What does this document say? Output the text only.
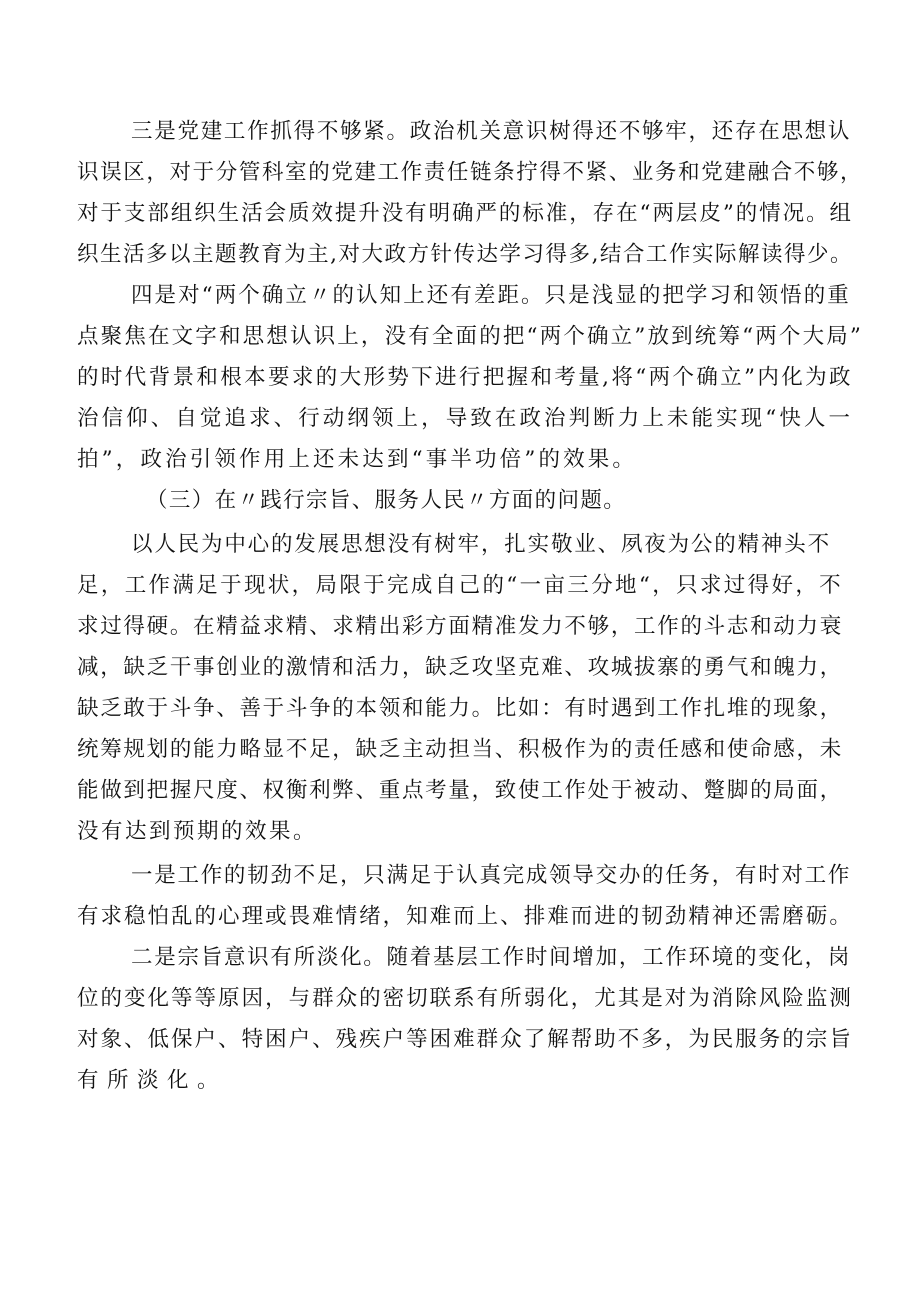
三是党建工作抓得不够紧。政治机关意识树得还不够牢，还存在思想认
识误区，对于分管科室的党建工作责任链条拧得不紧、业务和党建融合不够，
对于支部组织生活会质效提升没有明确严的标准，存在“两层皮”的情况。组
织生活多以主题教育为主,对大政方针传达学习得多,结合工作实际解读得少。
四是对“两个确立〃的认知上还有差距。只是浅显的把学习和领悟的重
点聚焦在文字和思想认识上，没有全面的把“两个确立”放到统筹“两个大局”
的时代背景和根本要求的大形势下进行把握和考量,将“两个确立”内化为政
治信仰、自觉追求、行动纲领上，导致在政治判断力上未能实现“快人一
拍”，政治引领作用上还未达到“事半功倍”的效果。
（三）在〃践行宗旨、服务人民〃方面的问题。
以人民为中心的发展思想没有树牢，扎实敬业、夙夜为公的精神头不
足，工作满足于现状，局限于完成自己的“一亩三分地“，只求过得好，不
求过得硬。在精益求精、求精出彩方面精准发力不够，工作的斗志和动力衰
减，缺乏干事创业的激情和活力，缺乏攻坚克难、攻城拔寨的勇气和魄力，
缺乏敢于斗争、善于斗争的本领和能力。比如：有时遇到工作扎堆的现象，
统筹规划的能力略显不足，缺乏主动担当、积极作为的责任感和使命感，未
能做到把握尺度、权衡利弊、重点考量，致使工作处于被动、蹩脚的局面，
没有达到预期的效果。
一是工作的韧劲不足，只满足于认真完成领导交办的任务，有时对工作
有求稳怕乱的心理或畏难情绪，知难而上、排难而进的韧劲精神还需磨砺。
二是宗旨意识有所淡化。随着基层工作时间增加，工作环境的变化，岗
位的变化等等原因，与群众的密切联系有所弱化，尤其是对为消除风险监测
对象、低保户、特困户、残疾户等困难群众了解帮助不多，为民服务的宗旨
有所淡化。
